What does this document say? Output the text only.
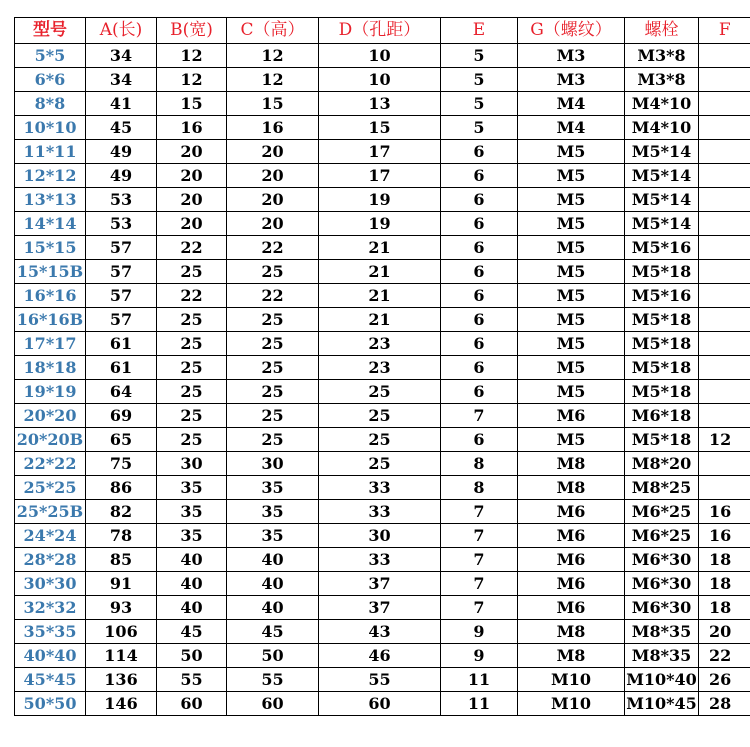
型号	A(长)	B(宽)	C（高）	D（孔距）	E	G（螺纹）	螺栓	F
5*5	34	12	12	10	5	M3	M3*8	
6*6	34	12	12	10	5	M3	M3*8	
8*8	41	15	15	13	5	M4	M4*10	
10*10	45	16	16	15	5	M4	M4*10	
11*11	49	20	20	17	6	M5	M5*14	
12*12	49	20	20	17	6	M5	M5*14	
13*13	53	20	20	19	6	M5	M5*14	
14*14	53	20	20	19	6	M5	M5*14	
15*15	57	22	22	21	6	M5	M5*16	
15*15B	57	25	25	21	6	M5	M5*18	
16*16	57	22	22	21	6	M5	M5*16	
16*16B	57	25	25	21	6	M5	M5*18	
17*17	61	25	25	23	6	M5	M5*18	
18*18	61	25	25	23	6	M5	M5*18	
19*19	64	25	25	25	6	M5	M5*18	
20*20	69	25	25	25	7	M6	M6*18	
20*20B	65	25	25	25	6	M5	M5*18	12
22*22	75	30	30	25	8	M8	M8*20	
25*25	86	35	35	33	8	M8	M8*25	
25*25B	82	35	35	33	7	M6	M6*25	16
24*24	78	35	35	30	7	M6	M6*25	16
28*28	85	40	40	33	7	M6	M6*30	18
30*30	91	40	40	37	7	M6	M6*30	18
32*32	93	40	40	37	7	M6	M6*30	18
35*35	106	45	45	43	9	M8	M8*35	20
40*40	114	50	50	46	9	M8	M8*35	22
45*45	136	55	55	55	11	M10	M10*40	26
50*50	146	60	60	60	11	M10	M10*45	28
